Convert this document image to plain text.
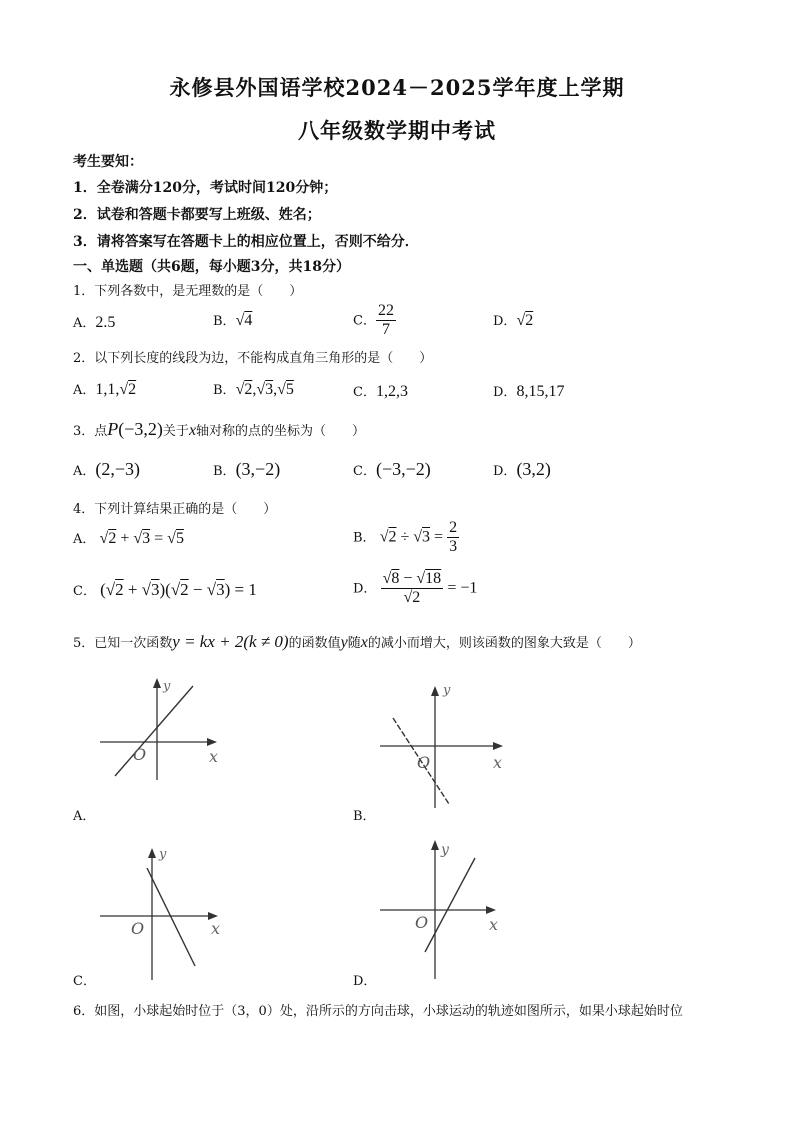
永修县外国语学校2024－2025学年度上学期
八年级数学期中考试
考生要知：
1．全卷满分120分，考试时间120分钟；
2．试卷和答题卡都要写上班级、姓名；
3．请将答案写在答题卡上的相应位置上，否则不给分．
一、单选题（共6题，每小题3分，共18分）
1．下列各数中，是无理数的是（　　）
A．2.5	B．√4	C． $\frac{22}{7}$	D．√2
2．以下列长度的线段为边，不能构成直角三角形的是（　　）
A．1,1,√2	B．√2,√3,√5	C．1,2,3	D．8,15,17
3．点P(−3,2)关于x轴对称的点的坐标为（　　）
A．(2,−3)	B．(3,−2)	C．(−3,−2)	D．(3,2)
4．下列计算结果正确的是（　　）
A． √2 + √3 = √5	B． $√2 \div √3 = \frac{2}{3}$
C． (√2 + √3)(√2 − √3) = 1	D． $\frac{√8 - √18}{√2} = -1$
5．已知一次函数y = kx + 2(k ≠ 0)的函数值y随x的减小而增大，则该函数的图象大致是（　　）
y
x
O
A．
y
x
O
B．
y
x
O
C．
y
x
O
D．
6．如图，小球起始时位于（3，0）处，沿所示的方向击球，小球运动的轨迹如图所示，如果小球起始时位
